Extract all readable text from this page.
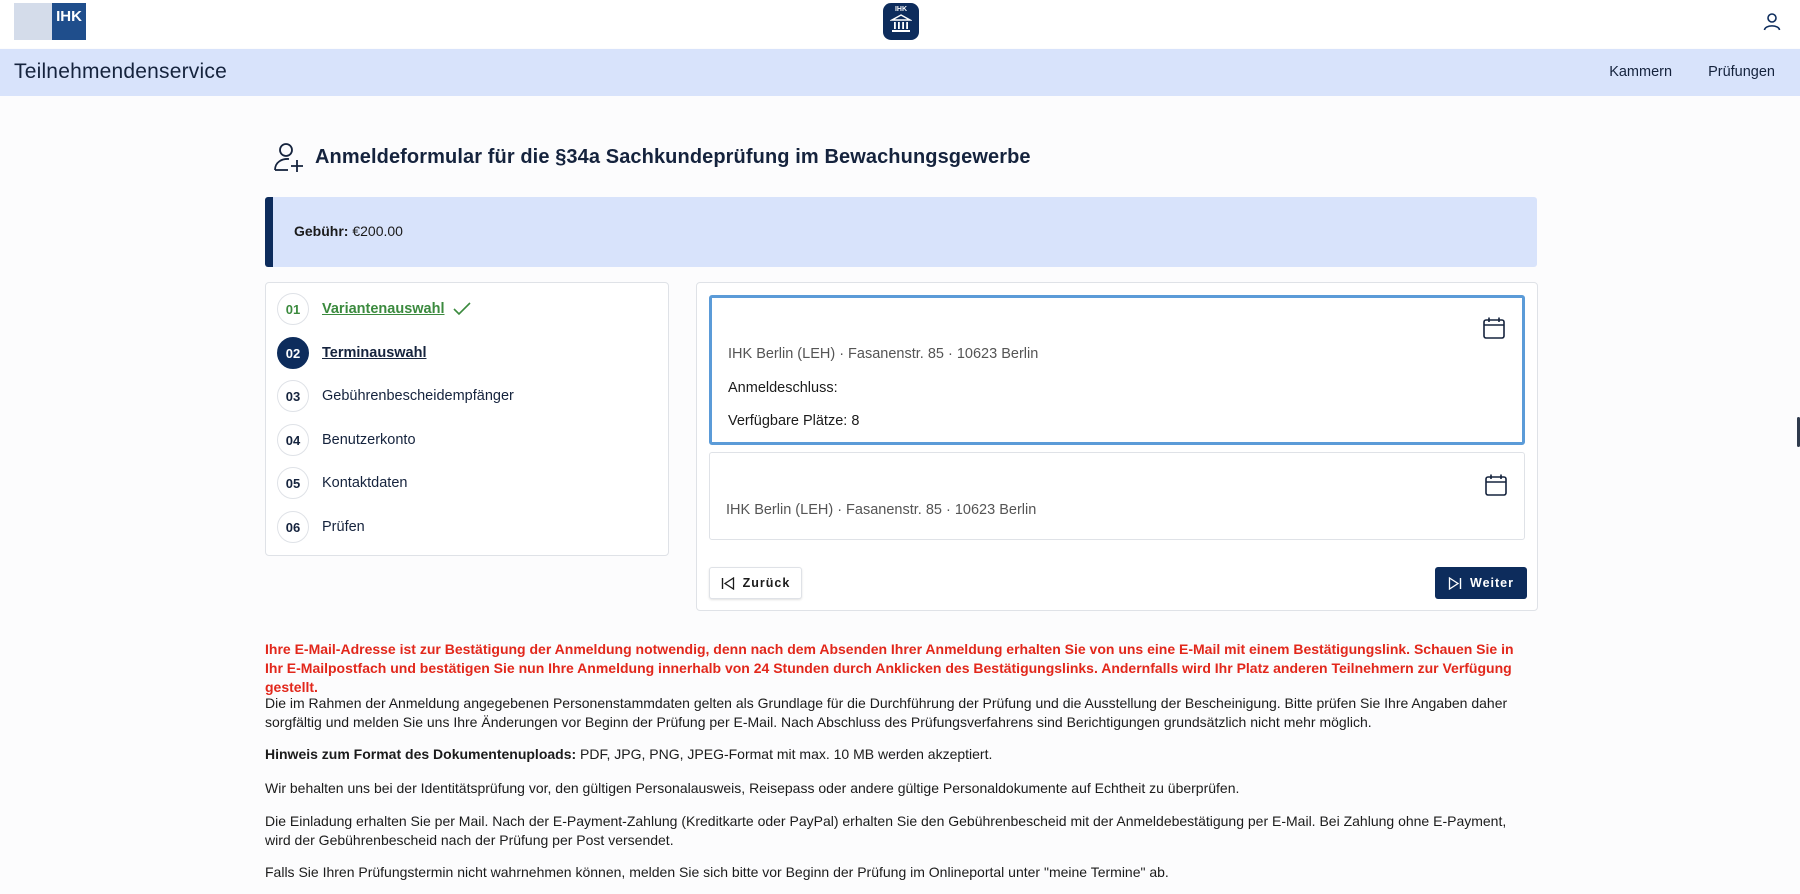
IHK	IHK
Teilnehmendenservice	Kammern Prüfungen
Anmeldeformular für die §34a Sachkundeprüfung im Bewachungsgewerbe
Gebühr: €200.00
01	Variantenauswahl
02	Terminauswahl
03	Gebührenbescheidempfänger
04	Benutzerkonto
05	Kontaktdaten
06	Prüfen
IHK Berlin (LEH) · Fasanenstr. 85 · 10623 Berlin
Anmeldeschluss:
Verfügbare Plätze: 8
IHK Berlin (LEH) · Fasanenstr. 85 · 10623 Berlin
Zurück	Weiter
Ihre E-Mail-Adresse ist zur Bestätigung der Anmeldung notwendig, denn nach dem Absenden Ihrer Anmeldung erhalten Sie von uns eine E-Mail mit einem Bestätigungslink. Schauen Sie in Ihr E-Mailpostfach und bestätigen Sie nun Ihre Anmeldung innerhalb von 24 Stunden durch Anklicken des Bestätigungslinks. Andernfalls wird Ihr Platz anderen Teilnehmern zur Verfügung gestellt.
Die im Rahmen der Anmeldung angegebenen Personenstammdaten gelten als Grundlage für die Durchführung der Prüfung und die Ausstellung der Bescheinigung. Bitte prüfen Sie Ihre Angaben daher sorgfältig und melden Sie uns Ihre Änderungen vor Beginn der Prüfung per E-Mail. Nach Abschluss des Prüfungsverfahrens sind Berichtigungen grundsätzlich nicht mehr möglich.
Hinweis zum Format des Dokumentenuploads: PDF, JPG, PNG, JPEG-Format mit max. 10 MB werden akzeptiert.
Wir behalten uns bei der Identitätsprüfung vor, den gültigen Personalausweis, Reisepass oder andere gültige Personaldokumente auf Echtheit zu überprüfen.
Die Einladung erhalten Sie per Mail. Nach der E-Payment-Zahlung (Kreditkarte oder PayPal) erhalten Sie den Gebührenbescheid mit der Anmeldebestätigung per E-Mail. Bei Zahlung ohne E-Payment, wird der Gebührenbescheid nach der Prüfung per Post versendet.
Falls Sie Ihren Prüfungstermin nicht wahrnehmen können, melden Sie sich bitte vor Beginn der Prüfung im Onlineportal unter "meine Termine" ab.
